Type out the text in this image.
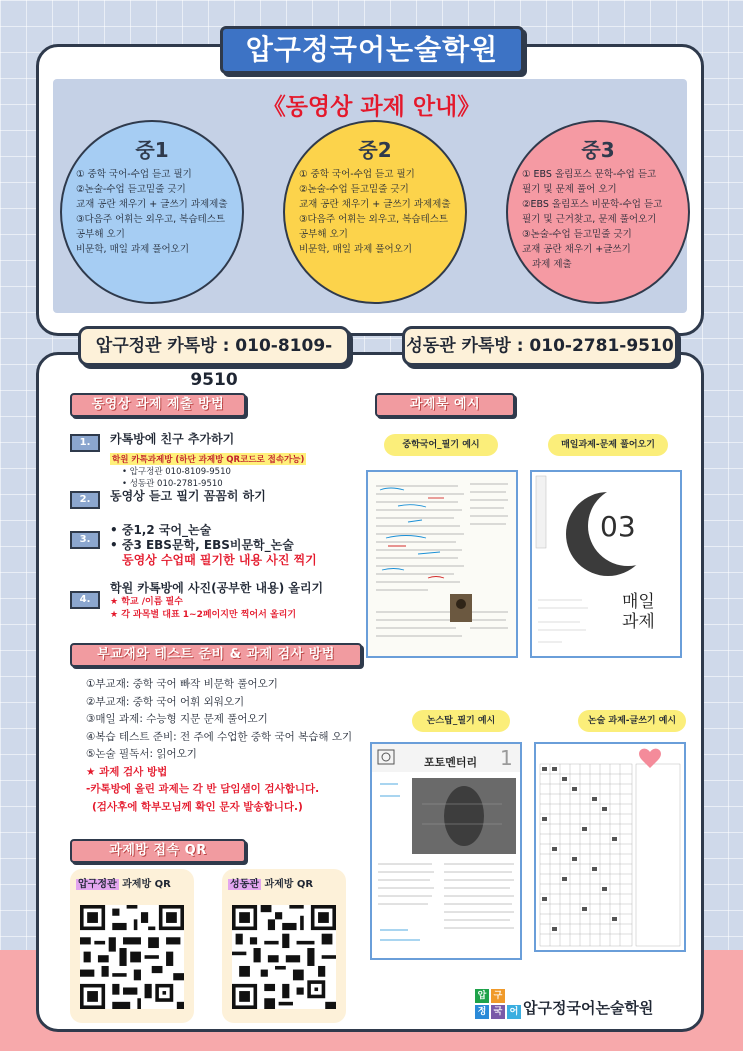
압구정국어논술학원
《동영상 과제 안내》
중1
① 중학 국어-수업 듣고 필기
②논술-수업 듣고밑줄 긋기
교재 공란 채우기 + 글쓰기 과제제출
③다음주 어휘는 외우고, 복습테스트
공부해 오기
비문학, 매일 과제 풀어오기
중2
① 중학 국어-수업 듣고 필기
②논술-수업 듣고밑줄 긋기
교재 공란 채우기 + 글쓰기 과제제출
③다음주 어휘는 외우고, 복습테스트
공부해 오기
비문학, 매일 과제 풀어오기
중3
① EBS 올림포스 문학-수업 듣고
필기 및 문제 풀어 오기
②EBS 올림포스 비문학-수업 듣고
필기 및 근거찾고, 문제 풀어오기
③논술-수업 듣고밑줄 긋기
교재 공란 채우기 +글쓰기
과제 제출
압구정관 카톡방 : 010-8109-9510
성동관 카톡방 : 010-2781-9510
동영상 과제 제출 방법
1.	카톡방에 친구 추가하기
학원 카톡과제방 (하단 과제방 QR코드로 접속가능)
• 압구정관 010-8109-9510
• 성동관 010-2781-9510
2.	동영상 듣고 필기 꼼꼼히 하기
3.
• 중1,2 국어_논술
• 중3 EBS문학, EBS비문학_논술
동영상 수업때 필기한 내용 사진 찍기
4.
학원 카톡방에 사진(공부한 내용) 올리기
★ 학교 /이름 필수
★ 각 과목별 대표 1~2페이지만 찍어서 올리기
부교재와 테스트 준비 & 과제 검사 방법
①부교재: 중학 국어 빠작 비문학 풀어오기
②부교재: 중학 국어 어휘 외워오기
③매일 과제: 수능형 지문 문제 풀어오기
④복습 테스트 준비: 전 주에 수업한 중학 국어 복습해 오기
⑤논술 필독서: 읽어오기
★ 과제 검사 방법
-카톡방에 올린 과제는 각 반 담임샘이 검사합니다.
(검사후에 학부모님께 확인 문자 발송합니다.)
과제방 접속 QR
압구정관 과제방 QR	성동관 과제방 QR
과제북 예시
중학국어_필기 예시	매일과제-문제 풀어오기
03
매일
과제
논스탑_필기 예시	논술 과제-글쓰기 예시
포토멘터리 1
압 구
정 국 어 압구정국어논술학원
